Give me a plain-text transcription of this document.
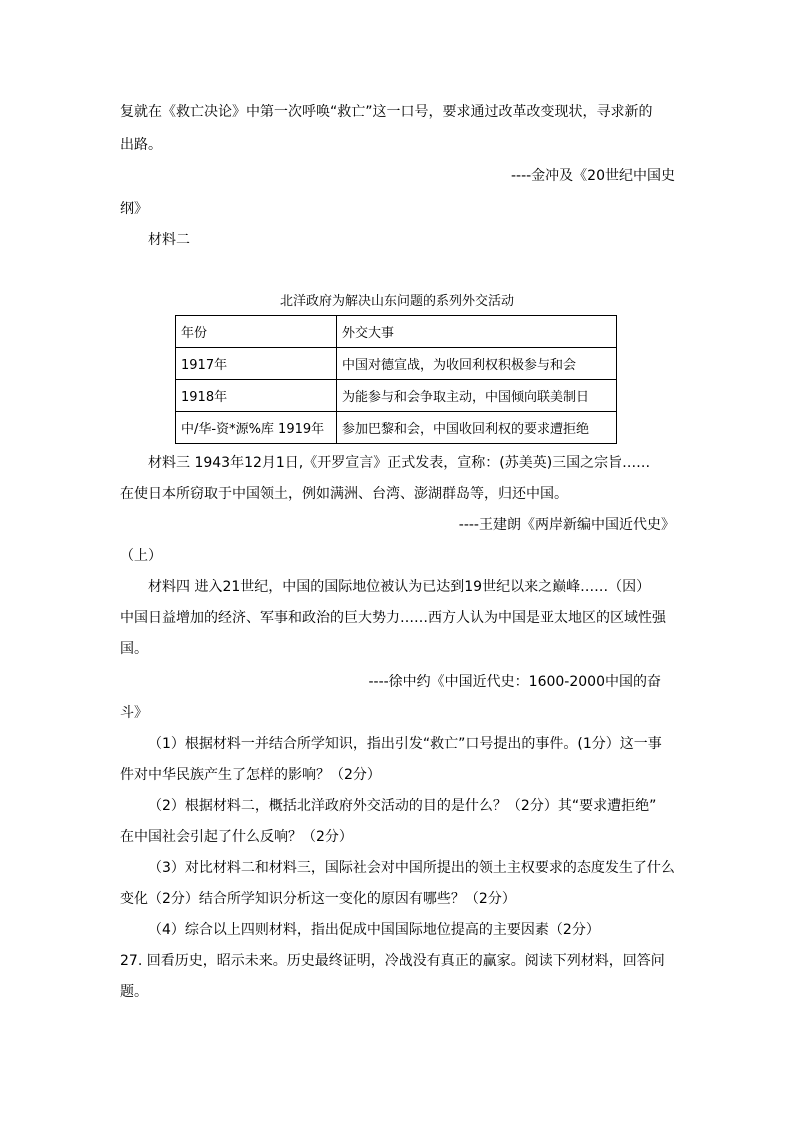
复就在《救亡决论》中第一次呼唤“救亡”这一口号，要求通过改革改变现状，寻求新的
出路。
----金冲及《20世纪中国史
纲》
材料二
北洋政府为解决山东问题的系列外交活动
年份	外交大事
1917年	中国对德宣战，为收回利权积极参与和会
1918年	为能参与和会争取主动，中国倾向联美制日
中/华-资*源%库 1919年	参加巴黎和会，中国收回利权的要求遭拒绝
材料三 1943年12月1日,《开罗宣言》正式发表，宣称：(苏美英)三国之宗旨……
在使日本所窃取于中国领土，例如满洲、台湾、澎湖群岛等，归还中国。
----王建朗《两岸新编中国近代史》
（上）
材料四 进入21世纪，中国的国际地位被认为已达到19世纪以来之巅峰……（因）
中国日益增加的经济、军事和政治的巨大势力……西方人认为中国是亚太地区的区域性强
国。
----徐中约《中国近代史：1600-2000中国的奋
斗》
（1）根据材料一并结合所学知识，指出引发“救亡”口号提出的事件。(1分）这一事
件对中华民族产生了怎样的影响？（2分）
（2）根据材料二，概括北洋政府外交活动的目的是什么？（2分）其“要求遭拒绝”
在中国社会引起了什么反响？（2分）
（3）对比材料二和材料三，国际社会对中国所提出的领土主权要求的态度发生了什么
变化（2分）结合所学知识分析这一变化的原因有哪些？（2分）
（4）综合以上四则材料，指出促成中国国际地位提高的主要因素（2分）
27. 回看历史，昭示未来。历史最终证明，冷战没有真正的赢家。阅读下列材料，回答问
题。
